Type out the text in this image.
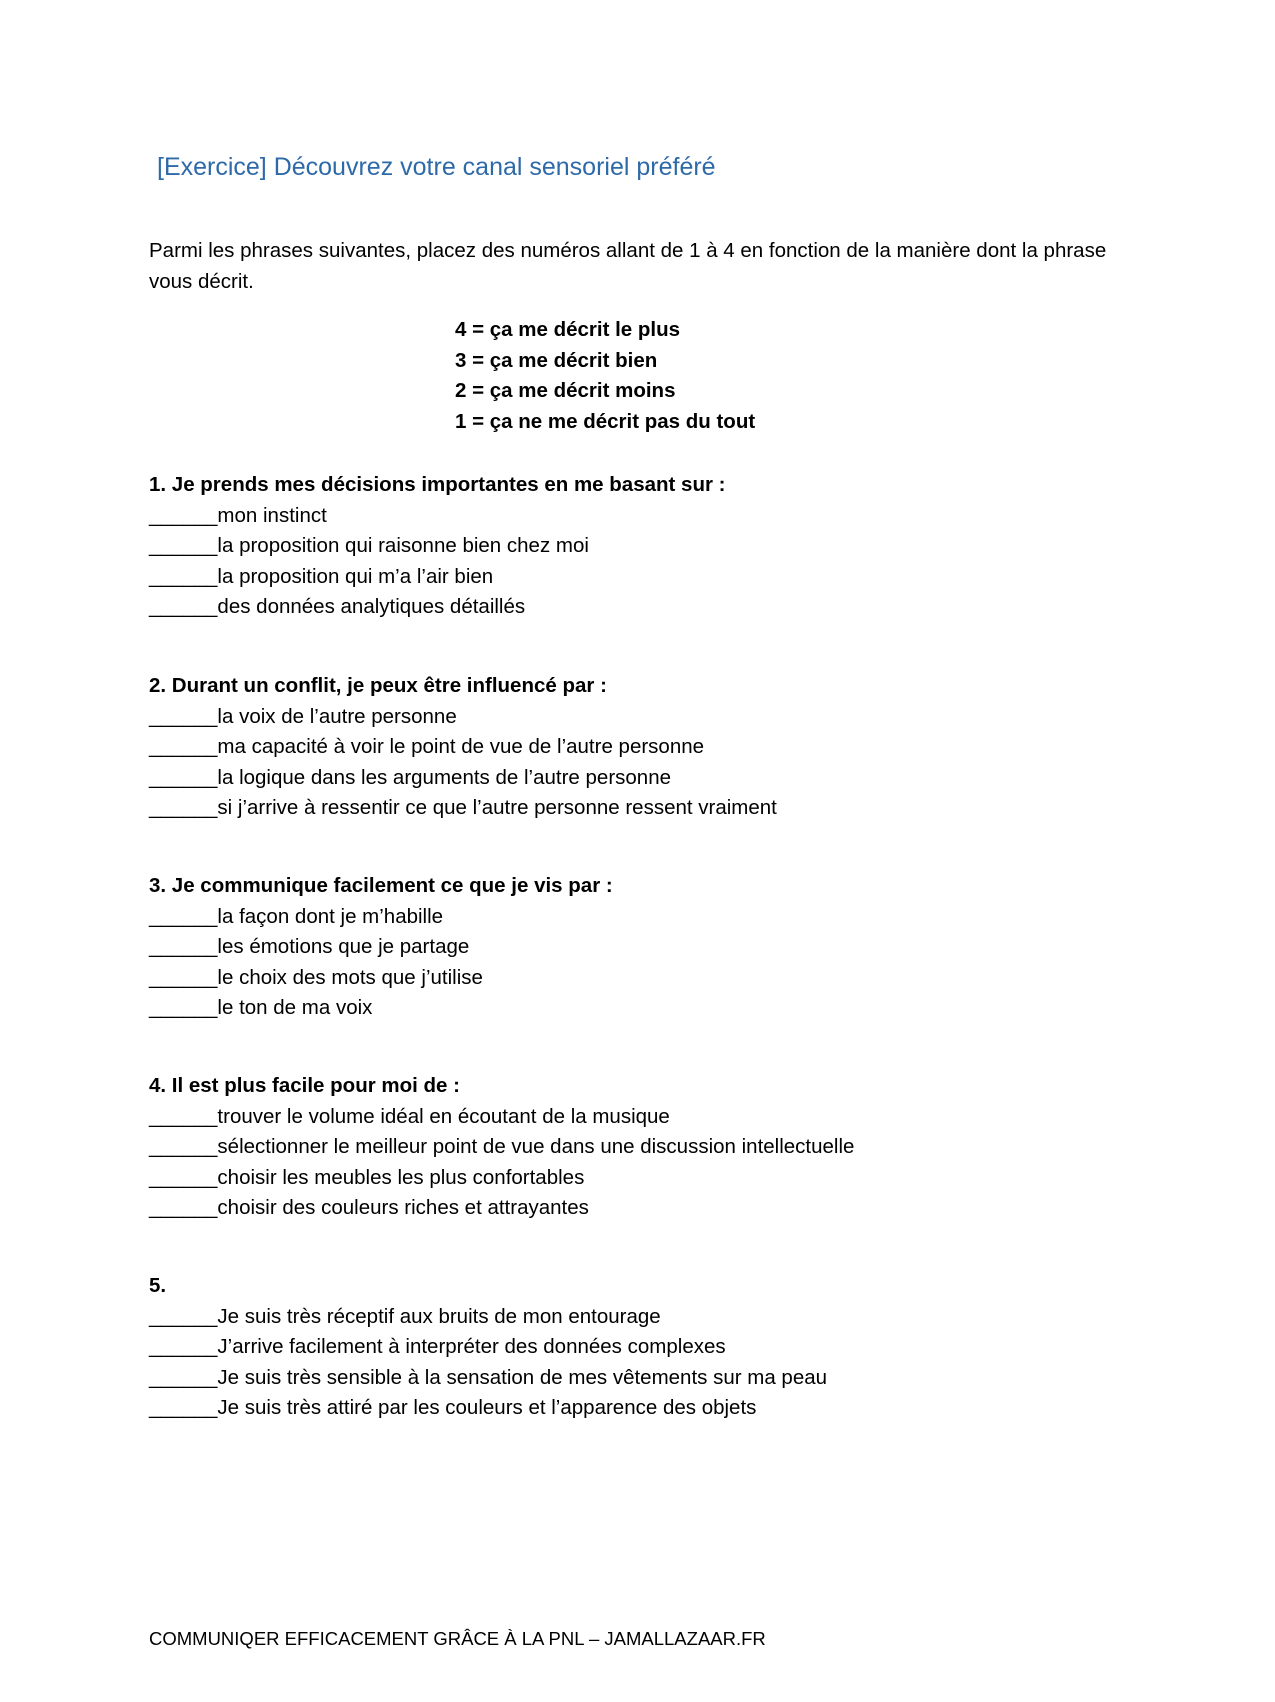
[Exercice] Découvrez votre canal sensoriel préféré
Parmi les phrases suivantes, placez des numéros allant de 1 à 4 en fonction de la manière dont la phrase vous décrit.
4 = ça me décrit le plus
3 = ça me décrit bien
2 = ça me décrit moins
1 = ça ne me décrit pas du tout
1. Je prends mes décisions importantes en me basant sur :
______mon instinct
______la proposition qui raisonne bien chez moi
______la proposition qui m’a l’air bien
______des données analytiques détaillés
2. Durant un conflit, je peux être influencé par :
______la voix de l’autre personne
______ma capacité à voir le point de vue de l’autre personne
______la logique dans les arguments de l’autre personne
______si j’arrive à ressentir ce que l’autre personne ressent vraiment
3. Je communique facilement ce que je vis par :
______la façon dont je m’habille
______les émotions que je partage
______le choix des mots que j’utilise
______le ton de ma voix
4. Il est plus facile pour moi de :
______trouver le volume idéal en écoutant de la musique
______sélectionner le meilleur point de vue dans une discussion intellectuelle
______choisir les meubles les plus confortables
______choisir des couleurs riches et attrayantes
5.
______Je suis très réceptif aux bruits de mon entourage
______J’arrive facilement à interpréter des données complexes
______Je suis très sensible à la sensation de mes vêtements sur ma peau
______Je suis très attiré par les couleurs et l’apparence des objets
COMMUNIQER EFFICACEMENT GRÂCE À LA PNL – JAMALLAZAAR.FR
